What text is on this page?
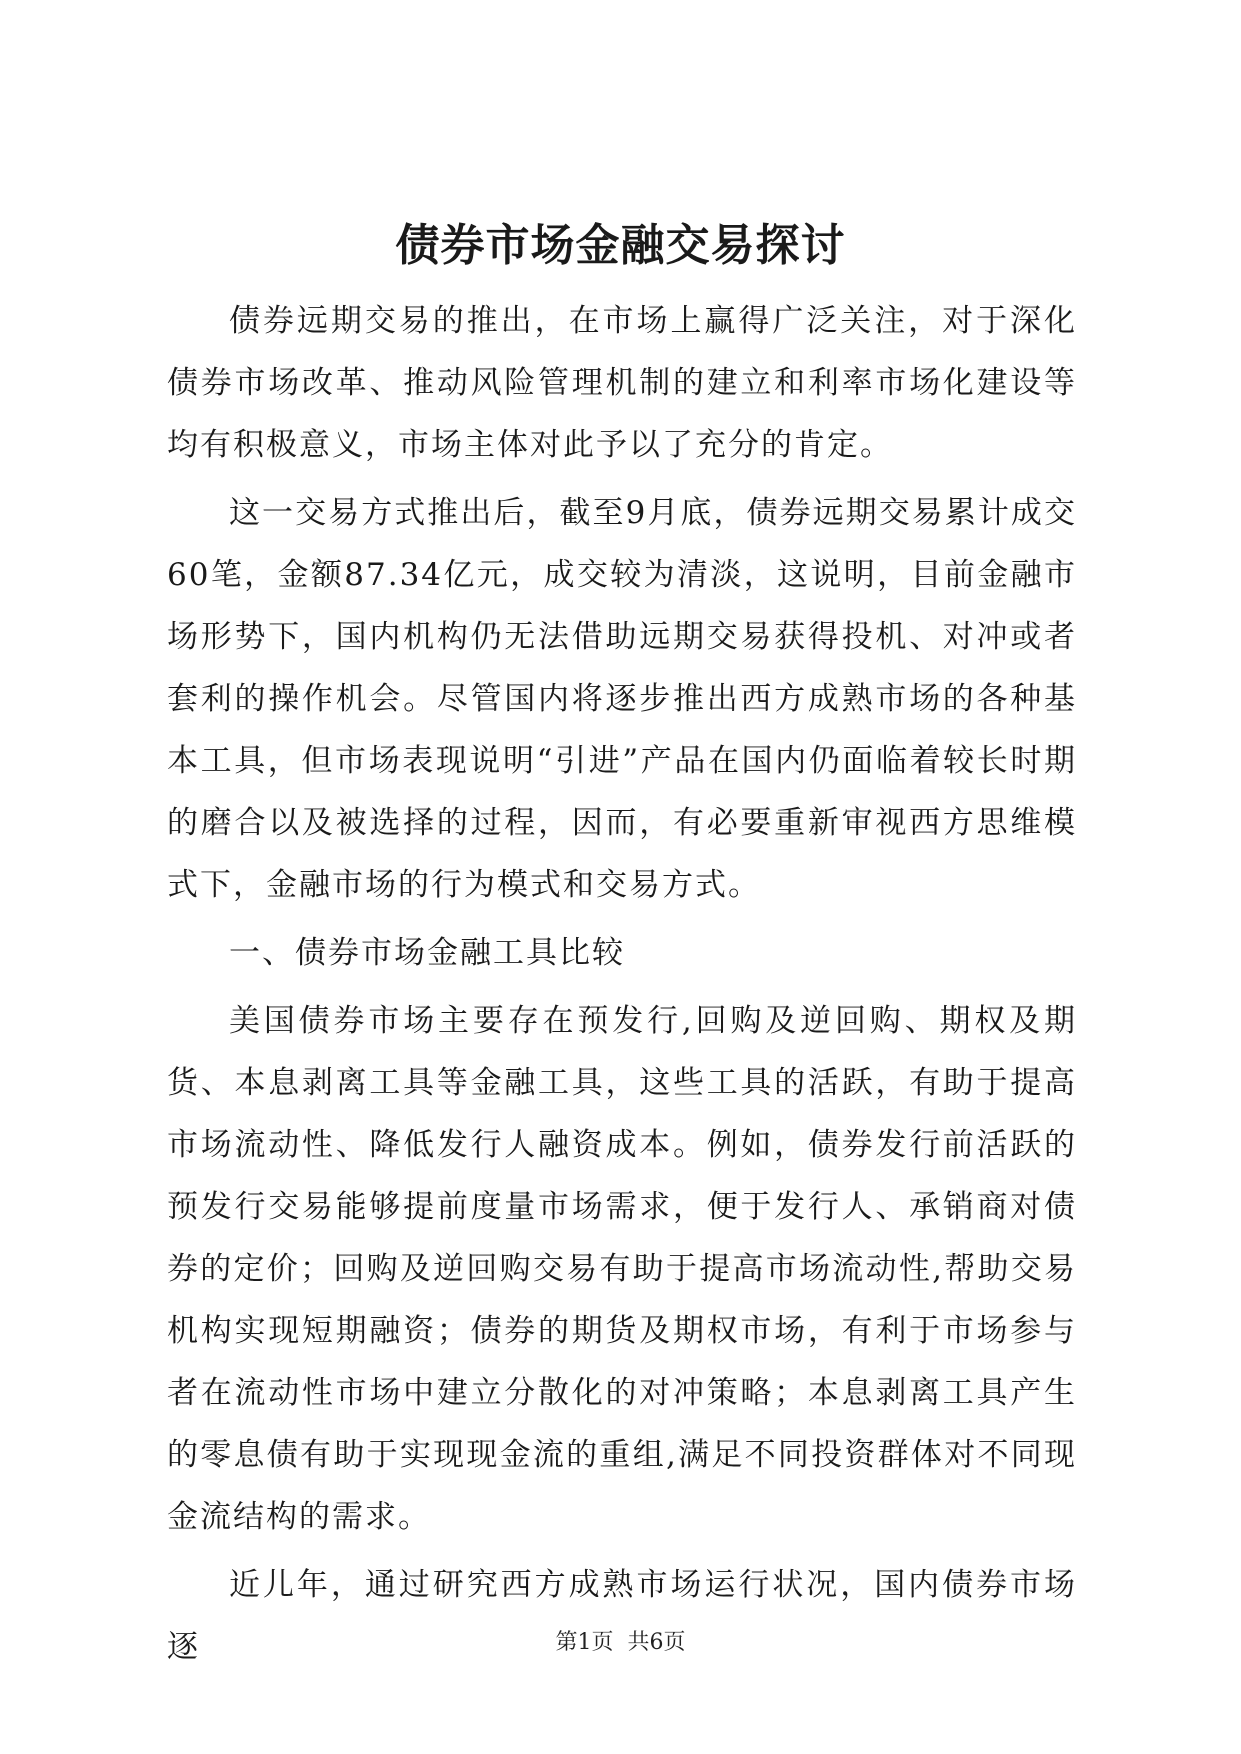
债券市场金融交易探讨

债券远期交易的推出，在市场上赢得广泛关注，对于深化债券市场改革、推动风险管理机制的建立和利率市场化建设等均有积极意义，市场主体对此予以了充分的肯定。

这一交易方式推出后，截至9月底，债券远期交易累计成交60笔，金额87.34亿元，成交较为清淡，这说明，目前金融市场形势下，国内机构仍无法借助远期交易获得投机、对冲或者套利的操作机会。尽管国内将逐步推出西方成熟市场的各种基本工具，但市场表现说明“引进”产品在国内仍面临着较长时期的磨合以及被选择的过程，因而，有必要重新审视西方思维模式下，金融市场的行为模式和交易方式。

一、债券市场金融工具比较

美国债券市场主要存在预发行,回购及逆回购、期权及期货、本息剥离工具等金融工具，这些工具的活跃，有助于提高市场流动性、降低发行人融资成本。例如，债券发行前活跃的预发行交易能够提前度量市场需求，便于发行人、承销商对债券的定价；回购及逆回购交易有助于提高市场流动性,帮助交易机构实现短期融资；债券的期货及期权市场，有利于市场参与者在流动性市场中建立分散化的对冲策略；本息剥离工具产生的零息债有助于实现现金流的重组,满足不同投资群体对不同现金流结构的需求。

近儿年，通过研究西方成熟市场运行状况，国内债券市场逐	第1页  共6页
